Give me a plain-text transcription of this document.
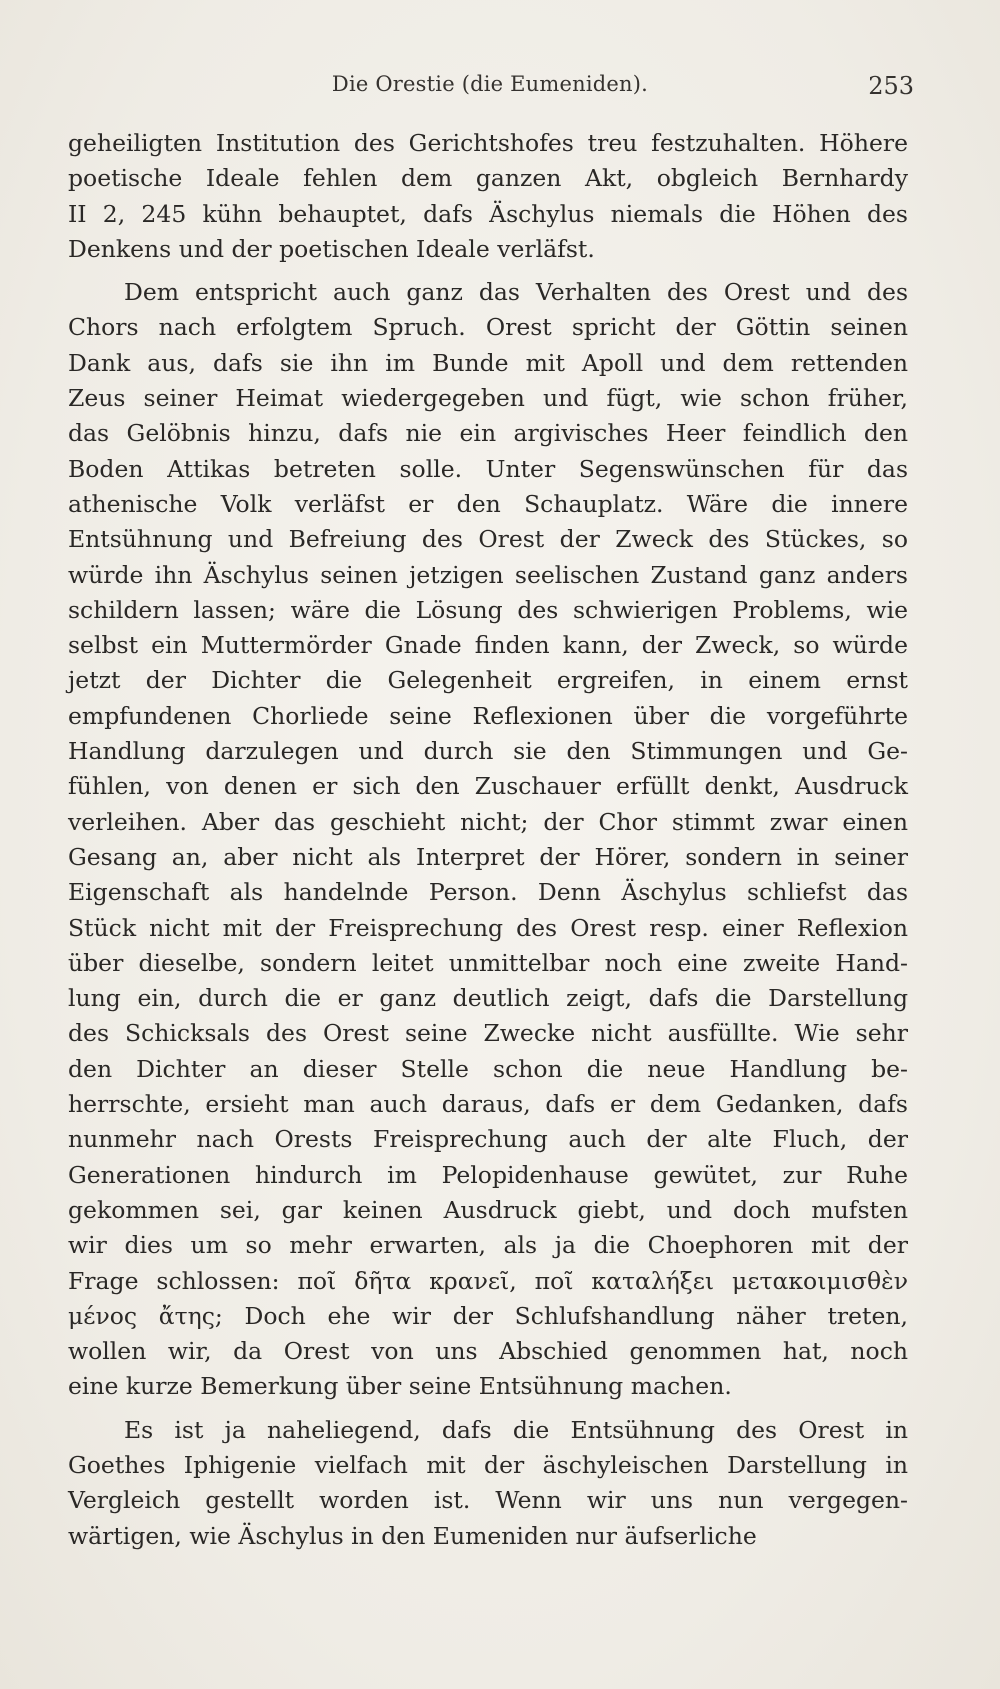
Die Orestie (die Eumeniden).	253
geheiligten Institution des Gerichtshofes treu festzuhalten. Höhere
poetische Ideale fehlen dem ganzen Akt, obgleich Bernhardy
II 2, 245 kühn behauptet, dafs Äschylus niemals die Höhen des
Denkens und der poetischen Ideale verläfst.
Dem entspricht auch ganz das Verhalten des Orest und des
Chors nach erfolgtem Spruch. Orest spricht der Göttin seinen
Dank aus, dafs sie ihn im Bunde mit Apoll und dem rettenden
Zeus seiner Heimat wiedergegeben und fügt, wie schon früher,
das Gelöbnis hinzu, dafs nie ein argivisches Heer feindlich den
Boden Attikas betreten solle. Unter Segenswünschen für das
athenische Volk verläfst er den Schauplatz. Wäre die innere
Entsühnung und Befreiung des Orest der Zweck des Stückes, so
würde ihn Äschylus seinen jetzigen seelischen Zustand ganz anders
schildern lassen; wäre die Lösung des schwierigen Problems, wie
selbst ein Muttermörder Gnade finden kann, der Zweck, so würde
jetzt der Dichter die Gelegenheit ergreifen, in einem ernst
empfundenen Chorliede seine Reflexionen über die vorgeführte
Handlung darzulegen und durch sie den Stimmungen und Ge-
fühlen, von denen er sich den Zuschauer erfüllt denkt, Ausdruck
verleihen. Aber das geschieht nicht; der Chor stimmt zwar einen
Gesang an, aber nicht als Interpret der Hörer, sondern in seiner
Eigenschaft als handelnde Person. Denn Äschylus schliefst das
Stück nicht mit der Freisprechung des Orest resp. einer Reflexion
über dieselbe, sondern leitet unmittelbar noch eine zweite Hand-
lung ein, durch die er ganz deutlich zeigt, dafs die Darstellung
des Schicksals des Orest seine Zwecke nicht ausfüllte. Wie sehr
den Dichter an dieser Stelle schon die neue Handlung be-
herrschte, ersieht man auch daraus, dafs er dem Gedanken, dafs
nunmehr nach Orests Freisprechung auch der alte Fluch, der
Generationen hindurch im Pelopidenhause gewütet, zur Ruhe
gekommen sei, gar keinen Ausdruck giebt, und doch mufsten
wir dies um so mehr erwarten, als ja die Choephoren mit der
Frage schlossen: ποῖ δῆτα κρανεῖ, ποῖ καταλήξει μετακοιμισθὲν
μένος ἄτης; Doch ehe wir der Schlufshandlung näher treten,
wollen wir, da Orest von uns Abschied genommen hat, noch
eine kurze Bemerkung über seine Entsühnung machen.
Es ist ja naheliegend, dafs die Entsühnung des Orest in
Goethes Iphigenie vielfach mit der äschyleischen Darstellung in
Vergleich gestellt worden ist. Wenn wir uns nun vergegen-
wärtigen, wie Äschylus in den Eumeniden nur äufserliche
